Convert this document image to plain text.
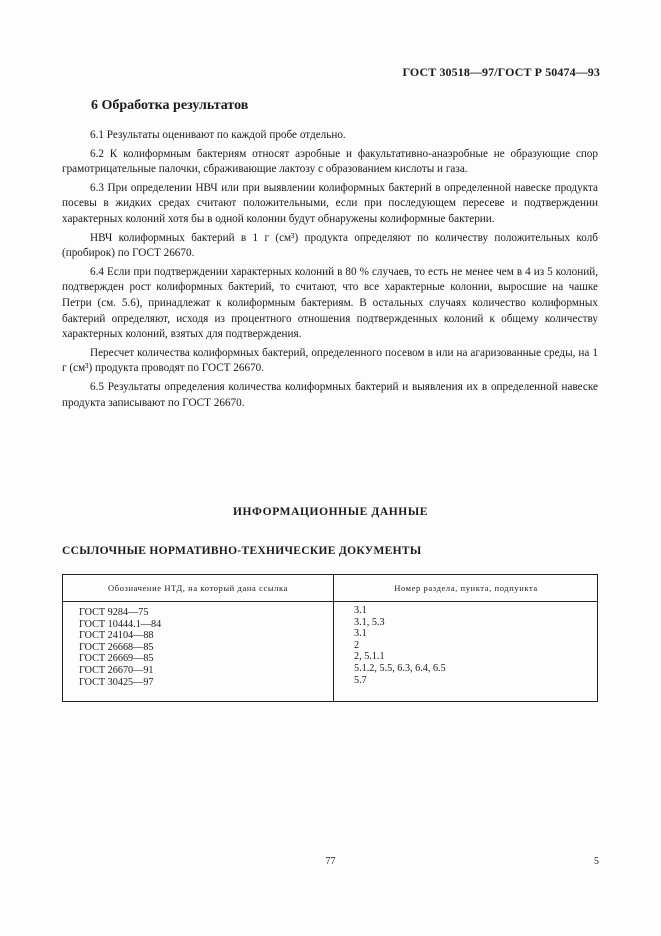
ГОСТ 30518—97/ГОСТ Р 50474—93
6 Обработка результатов

6.1 Результаты оценивают по каждой пробе отдельно.

6.2 К колиформным бактериям относят аэробные и факультативно-анаэробные не образующие спор грамотрицательные палочки, сбраживающие лактозу с образованием кислоты и газа.

6.3 При определении НВЧ или при выявлении колиформных бактерий в определенной навеске продукта посевы в жидких средах считают положительными, если при последующем пересеве и подтверждении характерных колоний хотя бы в одной колонии будут обнаружены колиформные бактерии.

НВЧ колиформных бактерий в 1 г (см³) продукта определяют по количеству положительных колб (пробирок) по ГОСТ 26670.

6.4 Если при подтверждении характерных колоний в 80 % случаев, то есть не менее чем в 4 из 5 колоний, подтвержден рост колиформных бактерий, то считают, что все характерные колонии, выросшие на чашке Петри (см. 5.6), принадлежат к колиформным бактериям. В остальных случаях количество колиформных бактерий определяют, исходя из процентного отношения подтвержденных колоний к общему количеству характерных колоний, взятых для подтверждения.

Пересчет количества колиформных бактерий, определенного посевом в или на агаризованные среды, на 1 г (см³) продукта проводят по ГОСТ 26670.

6.5 Результаты определения количества колиформных бактерий и выявления их в определенной навеске продукта записывают по ГОСТ 26670.

ИНФОРМАЦИОННЫЕ ДАННЫЕ
ССЫЛОЧНЫЕ НОРМАТИВНО-ТЕХНИЧЕСКИЕ ДОКУМЕНТЫ
Обозначение НТД, на который дана ссылка	Номер раздела, пункта, подпункта
ГОСТ 9284—75
ГОСТ 10444.1—84
ГОСТ 24104—88
ГОСТ 26668—85
ГОСТ 26669—85
ГОСТ 26670—91
ГОСТ 30425—97
3.1
3.1, 5.3
3.1
2
2, 5.1.1
5.1.2, 5.5, 6.3, 6.4, 6.5
5.7
77	5
